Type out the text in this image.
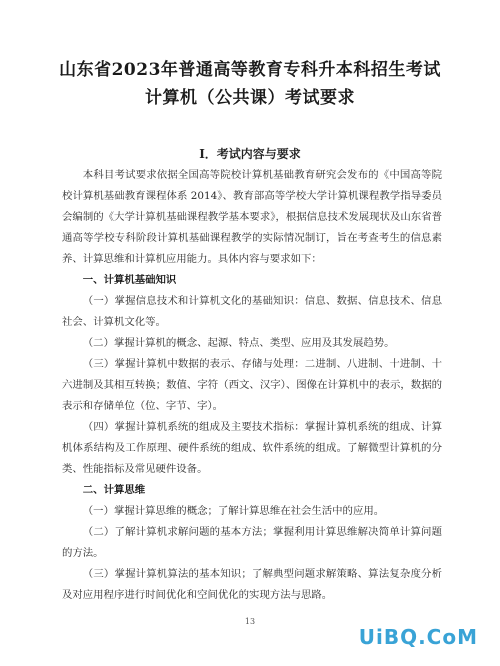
山东省2023年普通高等教育专科升本科招生考试
计算机（公共课）考试要求
Ⅰ．考试内容与要求

本科目考试要求依据全国高等院校计算机基础教育研究会发布的《中国高等院校计算机基础教育课程体系 2014》、教育部高等学校大学计算机课程教学指导委员会编制的《大学计算机基础课程教学基本要求》，根据信息技术发展现状及山东省普通高等学校专科阶段计算机基础课程教学的实际情况制订，旨在考查考生的信息素养、计算思维和计算机应用能力。具体内容与要求如下：

一、计算机基础知识

（一）掌握信息技术和计算机文化的基础知识：信息、数据、信息技术、信息社会、计算机文化等。

（二）掌握计算机的概念、起源、特点、类型、应用及其发展趋势。

（三）掌握计算机中数据的表示、存储与处理：二进制、八进制、十进制、十六进制及其相互转换；数值、字符（西文、汉字）、图像在计算机中的表示，数据的表示和存储单位（位、字节、字）。

（四）掌握计算机系统的组成及主要技术指标：掌握计算机系统的组成、计算机体系结构及工作原理、硬件系统的组成、软件系统的组成。了解微型计算机的分类、性能指标及常见硬件设备。

二、计算思维

（一）掌握计算思维的概念；了解计算思维在社会生活中的应用。

（二）了解计算机求解问题的基本方法；掌握利用计算思维解决简单计算问题的方法。

（三）掌握计算机算法的基本知识；了解典型问题求解策略、算法复杂度分析及对应用程序进行时间优化和空间优化的实现方法与思路。

13
UiBQ.CoM
